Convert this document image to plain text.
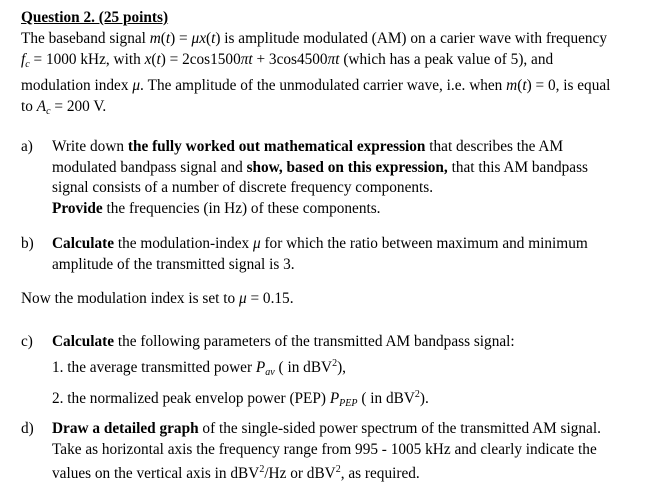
Question 2. (25 points)
The baseband signal m(t) = μx(t) is amplitude modulated (AM) on a carier wave with frequency
$f_c = 1000$ kHz, with x(t) = 2cos1500πt + 3cos4500πt (which has a peak value of 5), and
modulation index μ. The amplitude of the unmodulated carrier wave, i.e. when m(t) = 0, is equal
to $A_c = 200$ V.
a) Write down the fully worked out mathematical expression that describes the AM
modulated bandpass signal and show, based on this expression, that this AM bandpass
signal consists of a number of discrete frequency components.
Provide the frequencies (in Hz) of these components.
b) Calculate the modulation-index μ for which the ratio between maximum and minimum
amplitude of the transmitted signal is 3.
Now the modulation index is set to μ = 0.15.
c) Calculate the following parameters of the transmitted AM bandpass signal:
1. the average transmitted power $P_{av}$ ( in dBV$^2$),
2. the normalized peak envelop power (PEP) $P_{PEP}$ ( in dBV$^2$).
d) Draw a detailed graph of the single-sided power spectrum of the transmitted AM signal.
Take as horizontal axis the frequency range from 995 - 1005 kHz and clearly indicate the
values on the vertical axis in dBV$^2$/Hz or dBV$^2$, as required.
